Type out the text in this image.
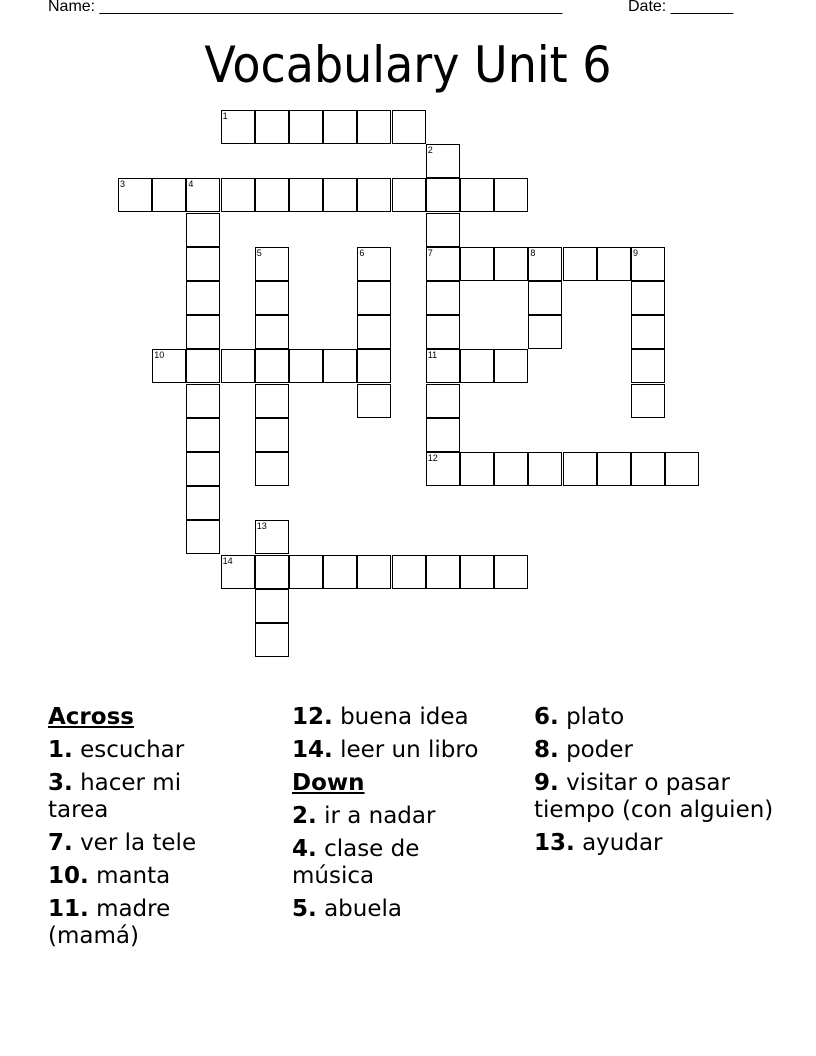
Name: ____________________________________________________	Date: _______
Vocabulary Unit 6
1
2
7
11
3	4
5	6	8	9
10
12
13
14
Across
1. escuchar
3. hacer mi tarea
7. ver la tele
10. manta
11. madre (mamá)
12. buena idea
14. leer un libro
Down
2. ir a nadar
4. clase de música
5. abuela
6. plato
8. poder
9. visitar o pasar tiempo (con alguien)
13. ayudar
